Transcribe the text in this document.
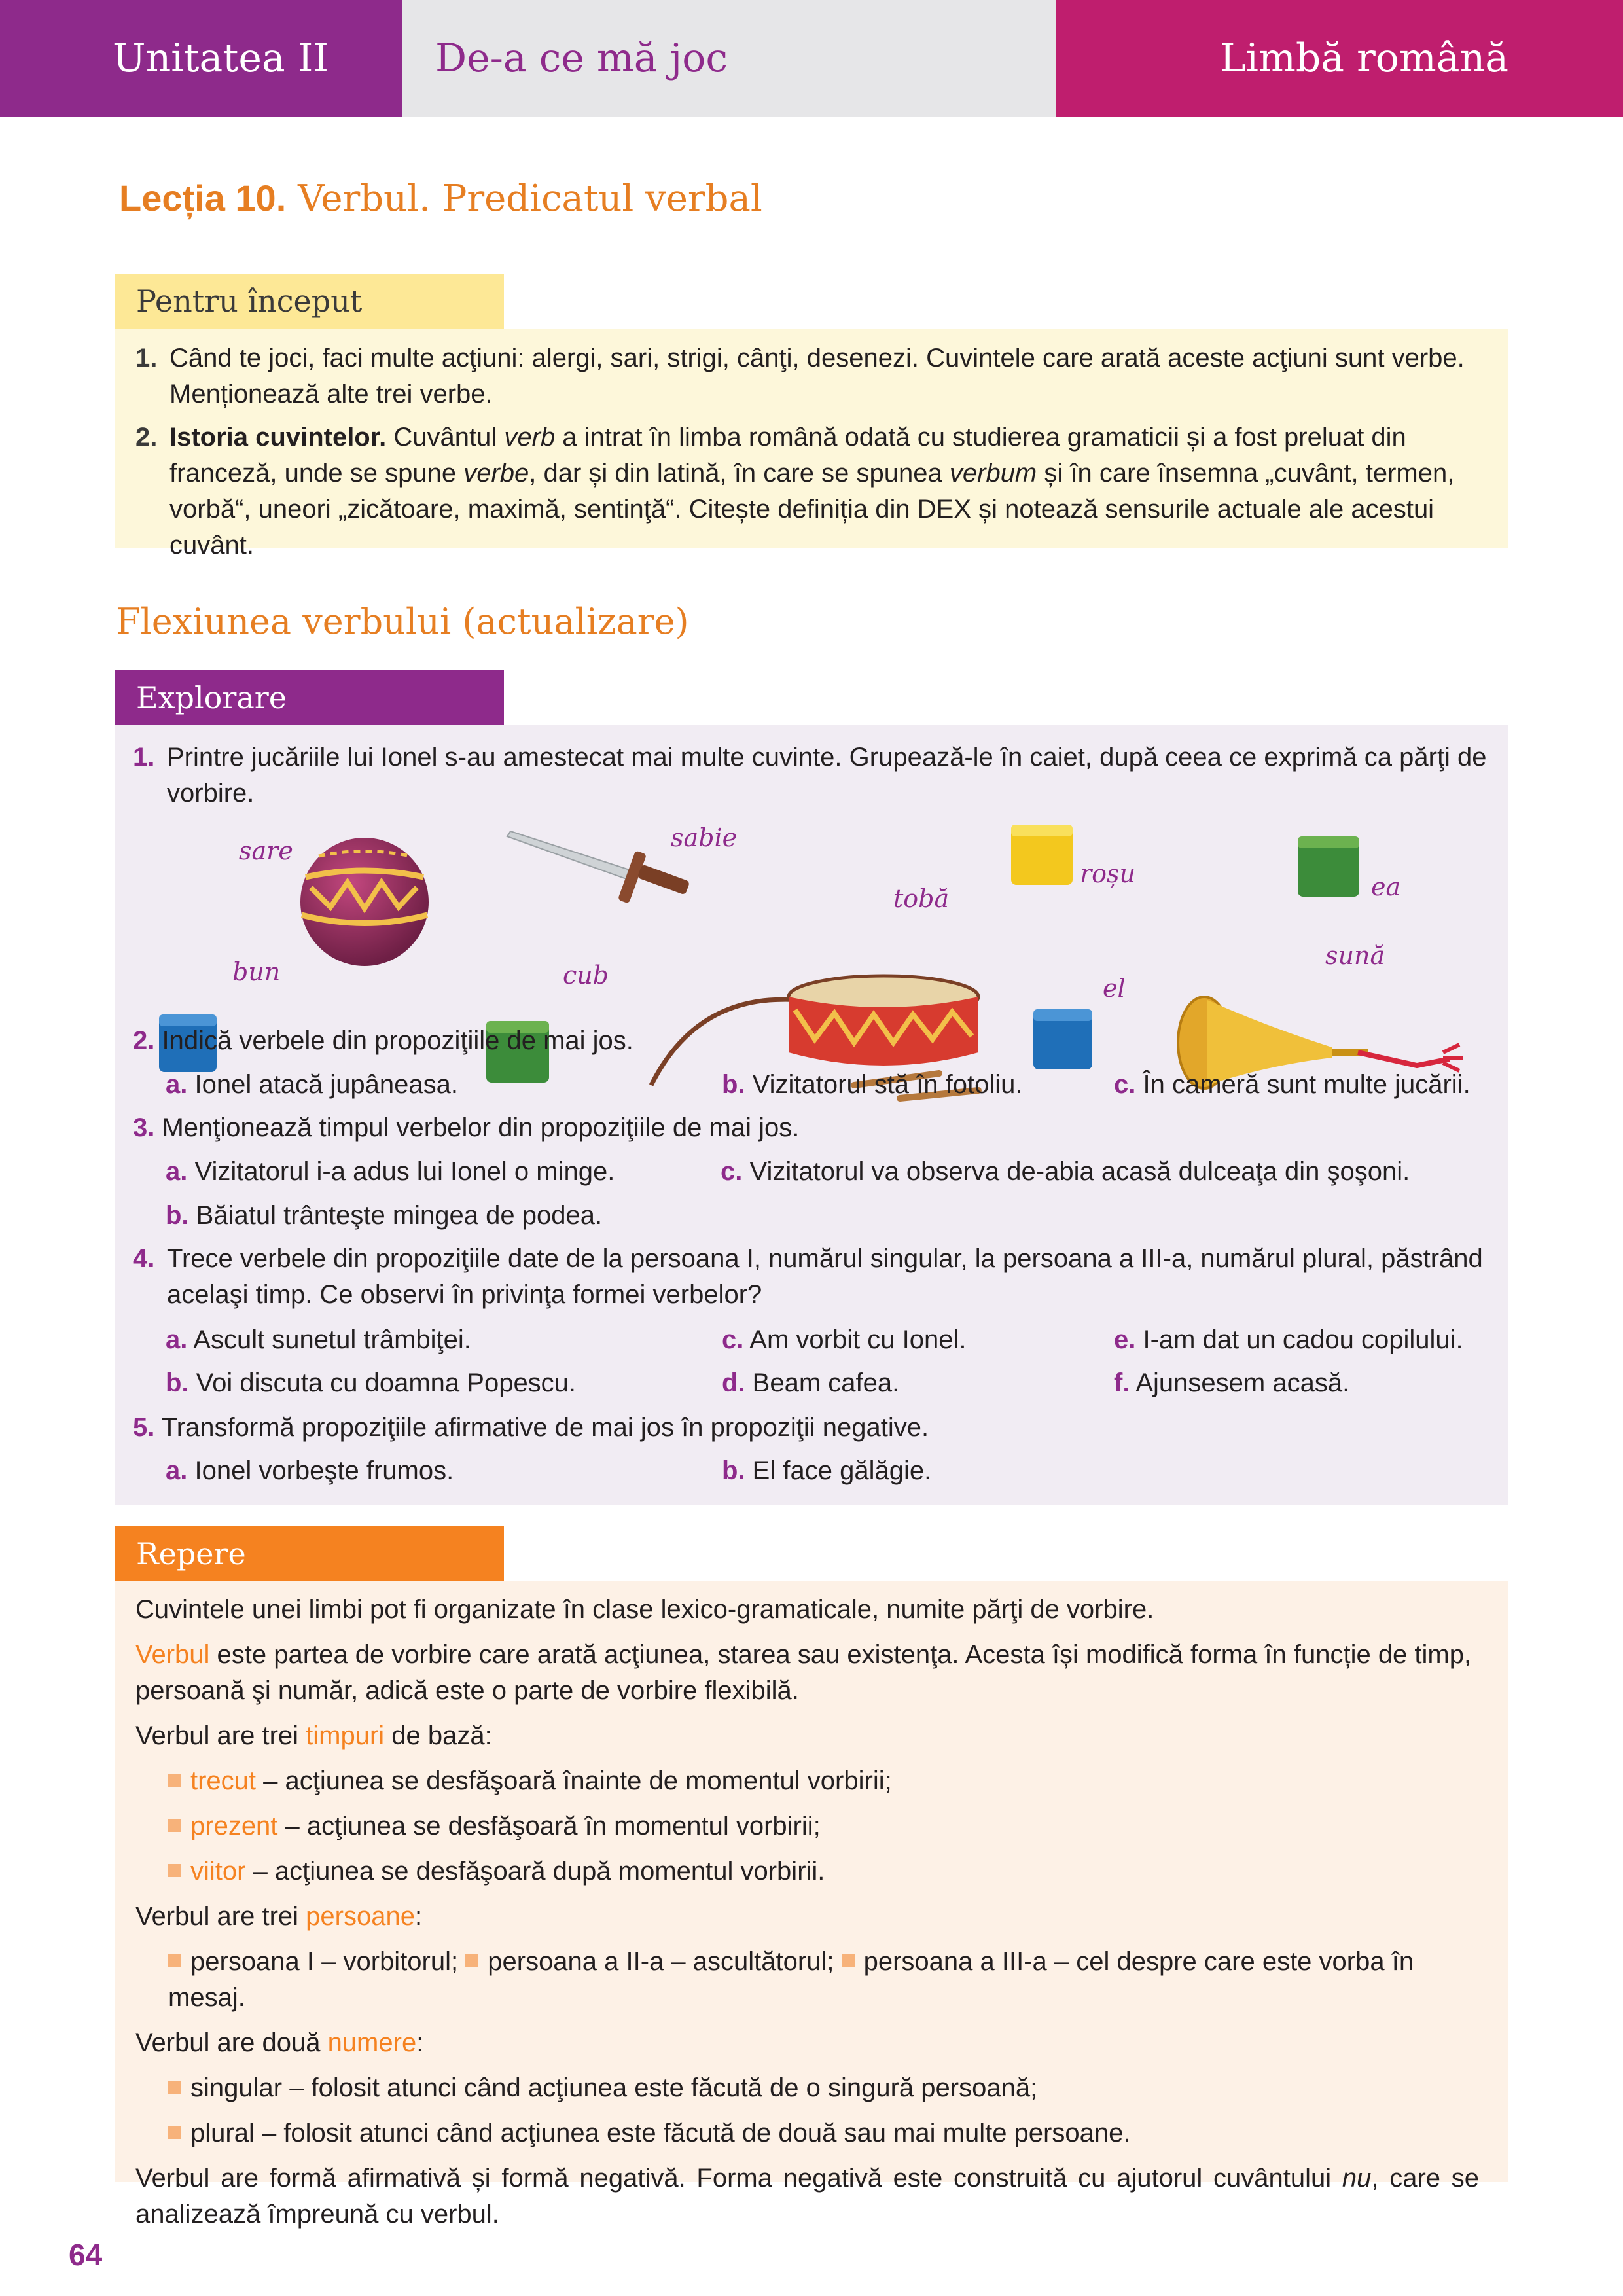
Unitatea II	De-a ce mă joc	Limbă română
Lecția 10. Verbul. Predicatul verbal
Pentru început
1. Când te joci, faci multe acţiuni: alergi, sari, strigi, cânţi, desenezi. Cuvintele care arată aceste acţiuni sunt verbe. Menționează alte trei verbe.
2. Istoria cuvintelor. Cuvântul verb a intrat în limba română odată cu studierea gramaticii și a fost preluat din franceză, unde se spune verbe, dar și din latină, în care se spunea verbum și în care însemna „cuvânt, termen, vorbă“, uneori „zicătoare, maximă, sentinţă“. Citește definiția din DEX și notează sensurile actuale ale acestui cuvânt.
Flexiunea verbului (actualizare)
Explorare
1. Printre jucăriile lui Ionel s-au amestecat mai multe cuvinte. Grupează-le în caiet, după ceea ce exprimă ca părţi de vorbire.
sare
bun
sabie
cub
tobă
roșu
el
ea
sună
2. Indică verbele din propoziţiile de mai jos.
a. Ionel atacă jupâneasa.	b. Vizitatorul stă în fotoliu.	c. În cameră sunt multe jucării.
3. Menţionează timpul verbelor din propoziţiile de mai jos.
a. Vizitatorul i-a adus lui Ionel o minge.	c. Vizitatorul va observa de-abia acasă dulceaţa din şoşoni.
b. Băiatul trânteşte mingea de podea.
4. Trece verbele din propoziţiile date de la persoana I, numărul singular, la persoana a III-a, numărul plural, păstrând acelaşi timp. Ce observi în privinţa formei verbelor?
a. Ascult sunetul trâmbiţei.	c. Am vorbit cu Ionel.	e. I-am dat un cadou copilului.
b. Voi discuta cu doamna Popescu.	d. Beam cafea.	f. Ajunsesem acasă.
5. Transformă propoziţiile afirmative de mai jos în propoziţii negative.
a. Ionel vorbeşte frumos.	b. El face gălăgie.
Repere

Cuvintele unei limbi pot fi organizate în clase lexico-gramaticale, numite părţi de vorbire.

Verbul este partea de vorbire care arată acţiunea, starea sau existenţa. Acesta își modifică forma în funcție de timp, persoană şi număr, adică este o parte de vorbire flexibilă.

Verbul are trei timpuri de bază:

trecut – acţiunea se desfăşoară înainte de momentul vorbirii;

prezent – acţiunea se desfăşoară în momentul vorbirii;

viitor – acţiunea se desfăşoară după momentul vorbirii.

Verbul are trei persoane:

persoana I – vorbitorul; persoana a II-a – ascultătorul; persoana a III-a – cel despre care este vorba în mesaj.

Verbul are două numere:

singular – folosit atunci când acţiunea este făcută de o singură persoană;

plural – folosit atunci când acţiunea este făcută de două sau mai multe persoane.

Verbul are formă afirmativă și formă negativă. Forma negativă este construită cu ajutorul cuvântului nu, care se analizează împreună cu verbul.

64
